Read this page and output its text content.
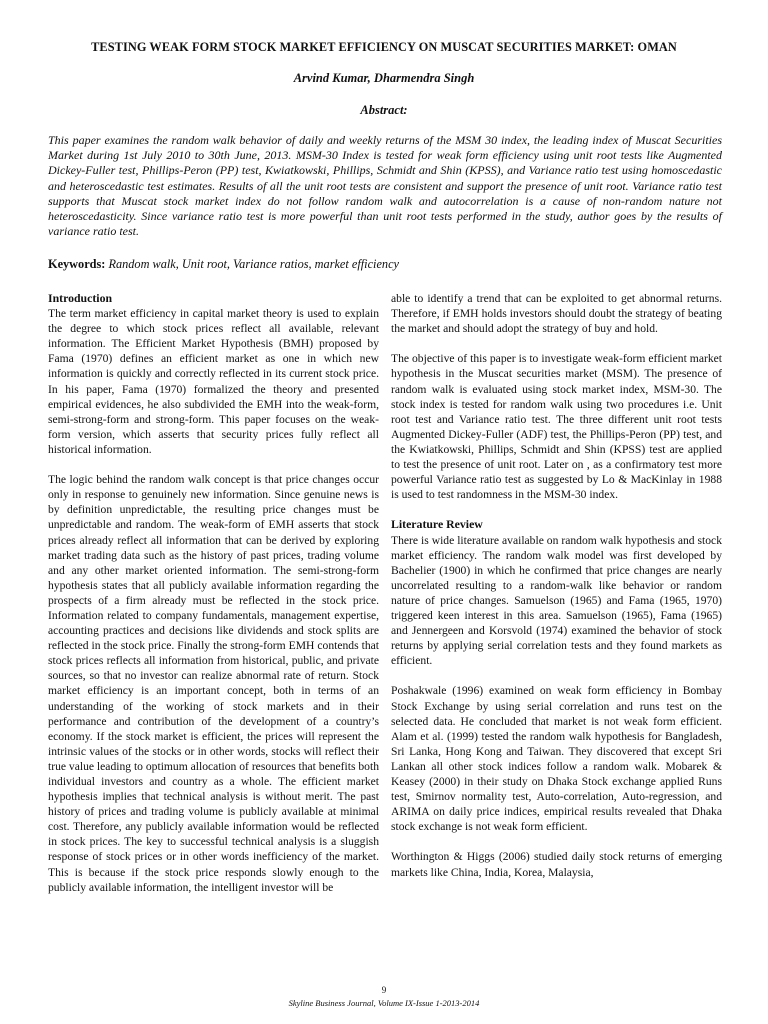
TESTING WEAK FORM STOCK MARKET EFFICIENCY ON MUSCAT SECURITIES MARKET: OMAN

Arvind Kumar, Dharmendra Singh

Abstract:

This paper examines the random walk behavior of daily and weekly returns of the MSM 30 index, the leading index of Muscat Securities Market during 1st July 2010 to 30th June, 2013. MSM-30 Index is tested for weak form efficiency using unit root tests like Augmented Dickey-Fuller test, Phillips-Peron (PP) test, Kwiatkowski, Phillips, Schmidt and Shin (KPSS), and Variance ratio test using homoscedastic and heteroscedastic test estimates. Results of all the unit root tests are consistent and support the presence of unit root. Variance ratio test supports that Muscat stock market index do not follow random walk and autocorrelation is a cause of non-random nature not heteroscedasticity. Since variance ratio test is more powerful than unit root tests performed in the study, author goes by the results of variance ratio test.

Keywords: Random walk, Unit root, Variance ratios, market efficiency

Introduction

The term market efficiency in capital market theory is used to explain the degree to which stock prices reflect all available, relevant information. The Efficient Market Hypothesis (BMH) proposed by Fama (1970) defines an efficient market as one in which new information is quickly and correctly reflected in its current stock price. In his paper, Fama (1970) formalized the theory and presented empirical evidences, he also subdivided the EMH into the weak-form, semi-strong-form and strong-form. This paper focuses on the weak-form version, which asserts that security prices fully reflect all historical information.

The logic behind the random walk concept is that price changes occur only in response to genuinely new information. Since genuine news is by definition unpredictable, the resulting price changes must be unpredictable and random. The weak-form of EMH asserts that stock prices already reflect all information that can be derived by exploring market trading data such as the history of past prices, trading volume and any other market oriented information. The semi-strong-form hypothesis states that all publicly available information regarding the prospects of a firm already must be reflected in the stock price. Information related to company fundamentals, management expertise, accounting practices and decisions like dividends and stock splits are reflected in the stock price. Finally the strong-form EMH contends that stock prices reflects all information from historical, public, and private sources, so that no investor can realize abnormal rate of return. Stock market efficiency is an important concept, both in terms of an understanding of the working of stock markets and in their performance and contribution of the development of a country’s economy. If the stock market is efficient, the prices will represent the intrinsic values of the stocks or in other words, stocks will reflect their true value leading to optimum allocation of resources that benefits both individual investors and country as a whole. The efficient market hypothesis implies that technical analysis is without merit. The past history of prices and trading volume is publicly available at minimal cost. Therefore, any publicly available information would be reflected in stock prices. The key to successful technical analysis is a sluggish response of stock prices or in other words inefficiency of the market. This is because if the stock price responds slowly enough to the publicly available information, the intelligent investor will be

able to identify a trend that can be exploited to get abnormal returns. Therefore, if EMH holds investors should doubt the strategy of beating the market and should adopt the strategy of buy and hold.

The objective of this paper is to investigate weak-form efficient market hypothesis in the Muscat securities market (MSM). The presence of random walk is evaluated using stock market index, MSM-30. The stock index is tested for random walk using two procedures i.e. Unit root test and Variance ratio test. The three different unit root tests Augmented Dickey-Fuller (ADF) test, the Phillips-Peron (PP) test, and the Kwiatkowski, Phillips, Schmidt and Shin (KPSS) test are applied to test the presence of unit root. Later on , as a confirmatory test more powerful Variance ratio test as suggested by Lo & MacKinlay in 1988 is used to test randomness in the MSM-30 index.

Literature Review

There is wide literature available on random walk hypothesis and stock market efficiency. The random walk model was first developed by Bachelier (1900) in which he confirmed that price changes are nearly uncorrelated resulting to a random-walk like behavior or random nature of price changes. Samuelson (1965) and Fama (1965, 1970) triggered keen interest in this area. Samuelson (1965), Fama (1965) and Jennergeen and Korsvold (1974) examined the behavior of stock returns by applying serial correlation tests and they found markets as efficient.

Poshakwale (1996) examined on weak form efficiency in Bombay Stock Exchange by using serial correlation and runs test on the selected data. He concluded that market is not weak form efficient. Alam et al. (1999) tested the random walk hypothesis for Bangladesh, Sri Lanka, Hong Kong and Taiwan. They discovered that except Sri Lankan all other stock indices follow a random walk. Mobarek & Keasey (2000) in their study on Dhaka Stock exchange applied Runs test, Smirnov normality test, Auto-correlation, Auto-regression, and ARIMA on daily price indices, empirical results revealed that Dhaka stock exchange is not weak form efficient.

Worthington & Higgs (2006) studied daily stock returns of emerging markets like China, India, Korea, Malaysia,

9

Skyline Business Journal, Volume IX-Issue 1-2013-2014
